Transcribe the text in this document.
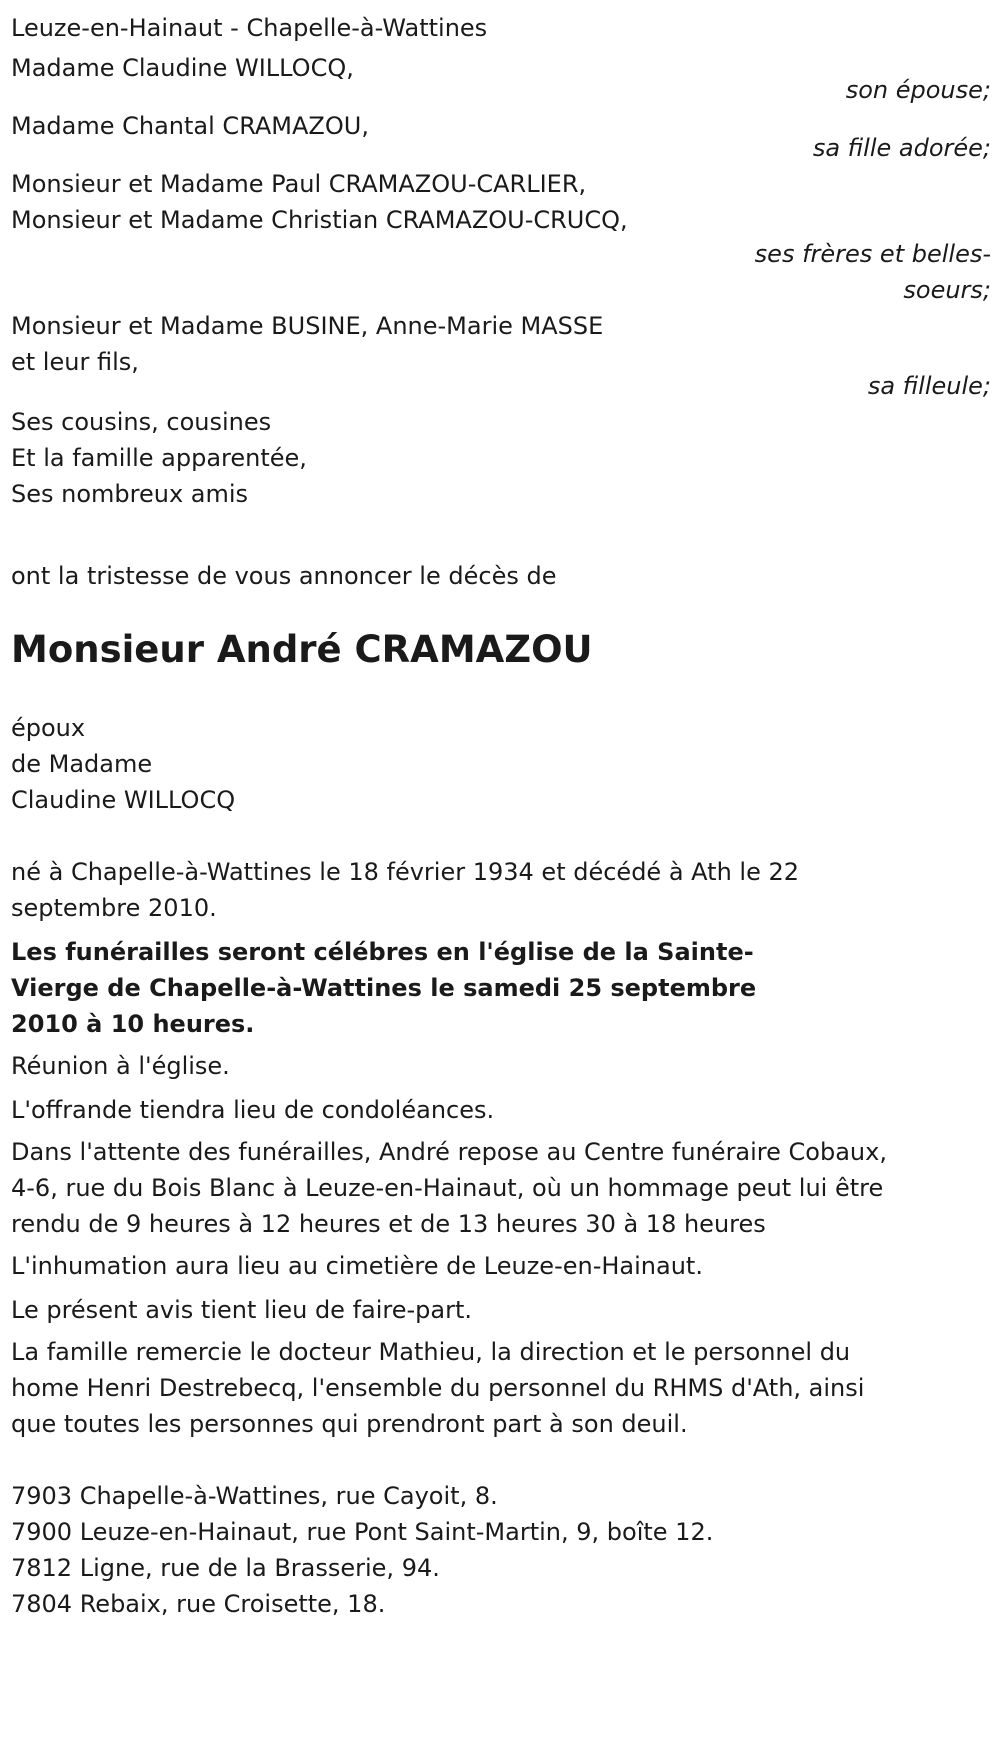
Leuze-en-Hainaut - Chapelle-à-Wattines

Madame Claudine WILLOCQ,

son épouse;

Madame Chantal CRAMAZOU,

sa fille adorée;

Monsieur et Madame Paul CRAMAZOU-CARLIER,

Monsieur et Madame Christian CRAMAZOU-CRUCQ,

ses frères et belles-

soeurs;

Monsieur et Madame BUSINE, Anne-Marie MASSE

et leur fils,

sa filleule;

Ses cousins, cousines

Et la famille apparentée,

Ses nombreux amis

ont la tristesse de vous annoncer le décès de

Monsieur André CRAMAZOU

époux

de Madame

Claudine WILLOCQ

né à Chapelle-à-Wattines le 18 février 1934 et décédé à Ath le 22 septembre 2010.

Les funérailles seront célébres en l'église de la Sainte-Vierge de Chapelle-à-Wattines le samedi 25 septembre 2010 à 10 heures.

Réunion à l'église.

L'offrande tiendra lieu de condoléances.

Dans l'attente des funérailles, André repose au Centre funéraire Cobaux, 4-6, rue du Bois Blanc à Leuze-en-Hainaut, où un hommage peut lui être rendu de 9 heures à 12 heures et de 13 heures 30 à 18 heures

L'inhumation aura lieu au cimetière de Leuze-en-Hainaut.

Le présent avis tient lieu de faire-part.

La famille remercie le docteur Mathieu, la direction et le personnel du home Henri Destrebecq, l'ensemble du personnel du RHMS d'Ath, ainsi que toutes les personnes qui prendront part à son deuil.

7903 Chapelle-à-Wattines, rue Cayoit, 8.

7900 Leuze-en-Hainaut, rue Pont Saint-Martin, 9, boîte 12.

7812 Ligne, rue de la Brasserie, 94.

7804 Rebaix, rue Croisette, 18.
